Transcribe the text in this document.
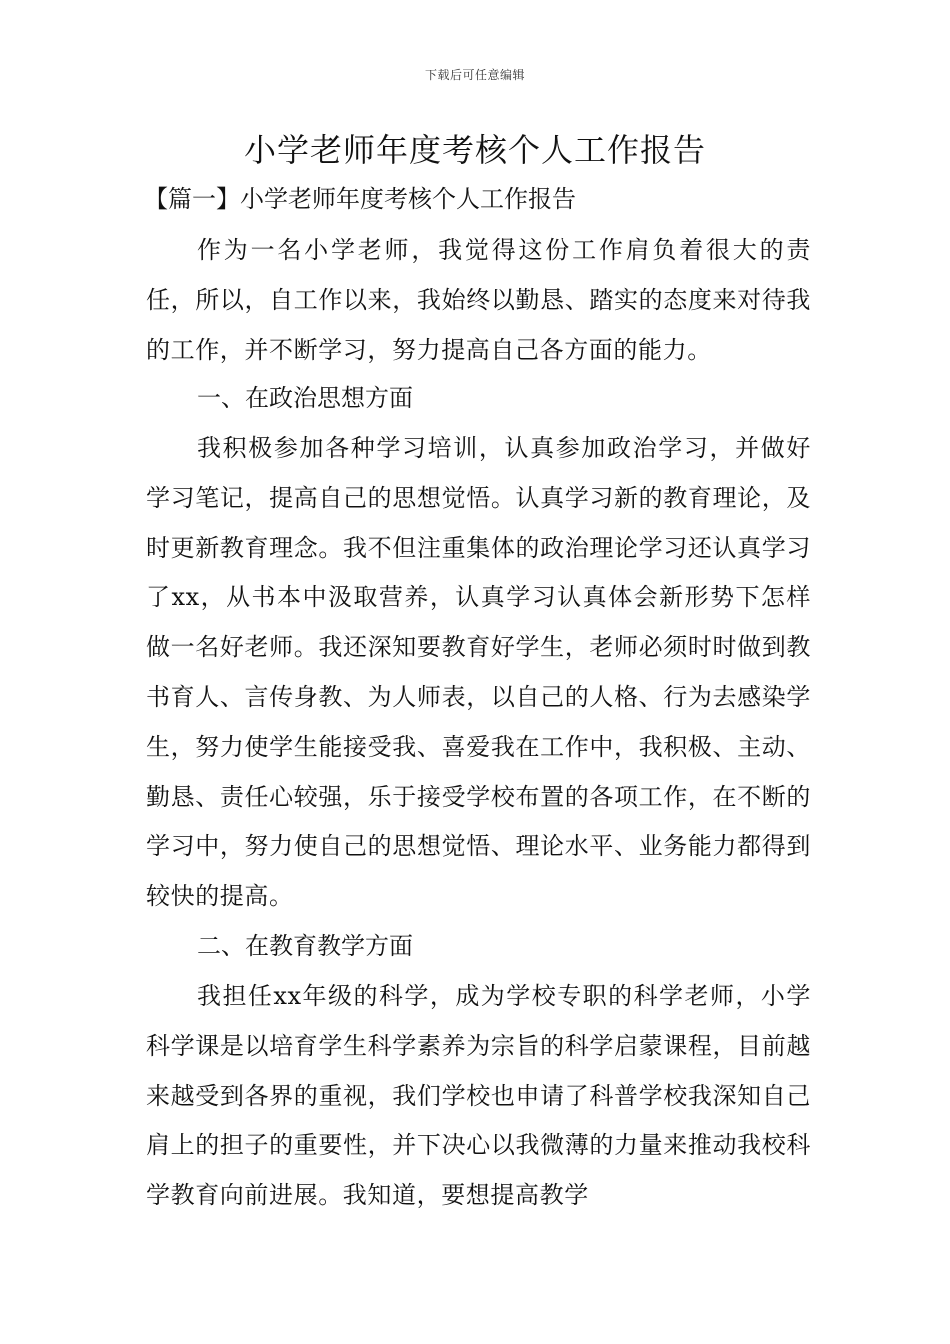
下载后可任意编辑
小学老师年度考核个人工作报告
【篇一】小学老师年度考核个人工作报告

作为一名小学老师，我觉得这份工作肩负着很大的责任，所以，自工作以来，我始终以勤恳、踏实的态度来对待我的工作，并不断学习，努力提高自己各方面的能力。

一、在政治思想方面

我积极参加各种学习培训，认真参加政治学习，并做好学习笔记，提高自己的思想觉悟。认真学习新的教育理论，及时更新教育理念。我不但注重集体的政治理论学习还认真学习了xx，从书本中汲取营养，认真学习认真体会新形势下怎样做一名好老师。我还深知要教育好学生，老师必须时时做到教书育人、言传身教、为人师表，以自己的人格、行为去感染学生，努力使学生能接受我、喜爱我在工作中，我积极、主动、勤恳、责任心较强，乐于接受学校布置的各项工作，在不断的学习中，努力使自己的思想觉悟、理论水平、业务能力都得到较快的提高。

二、在教育教学方面

我担任xx年级的科学，成为学校专职的科学老师，小学科学课是以培育学生科学素养为宗旨的科学启蒙课程，目前越来越受到各界的重视，我们学校也申请了科普学校我深知自己肩上的担子的重要性，并下决心以我微薄的力量来推动我校科学教育向前进展。我知道，要想提高教学
